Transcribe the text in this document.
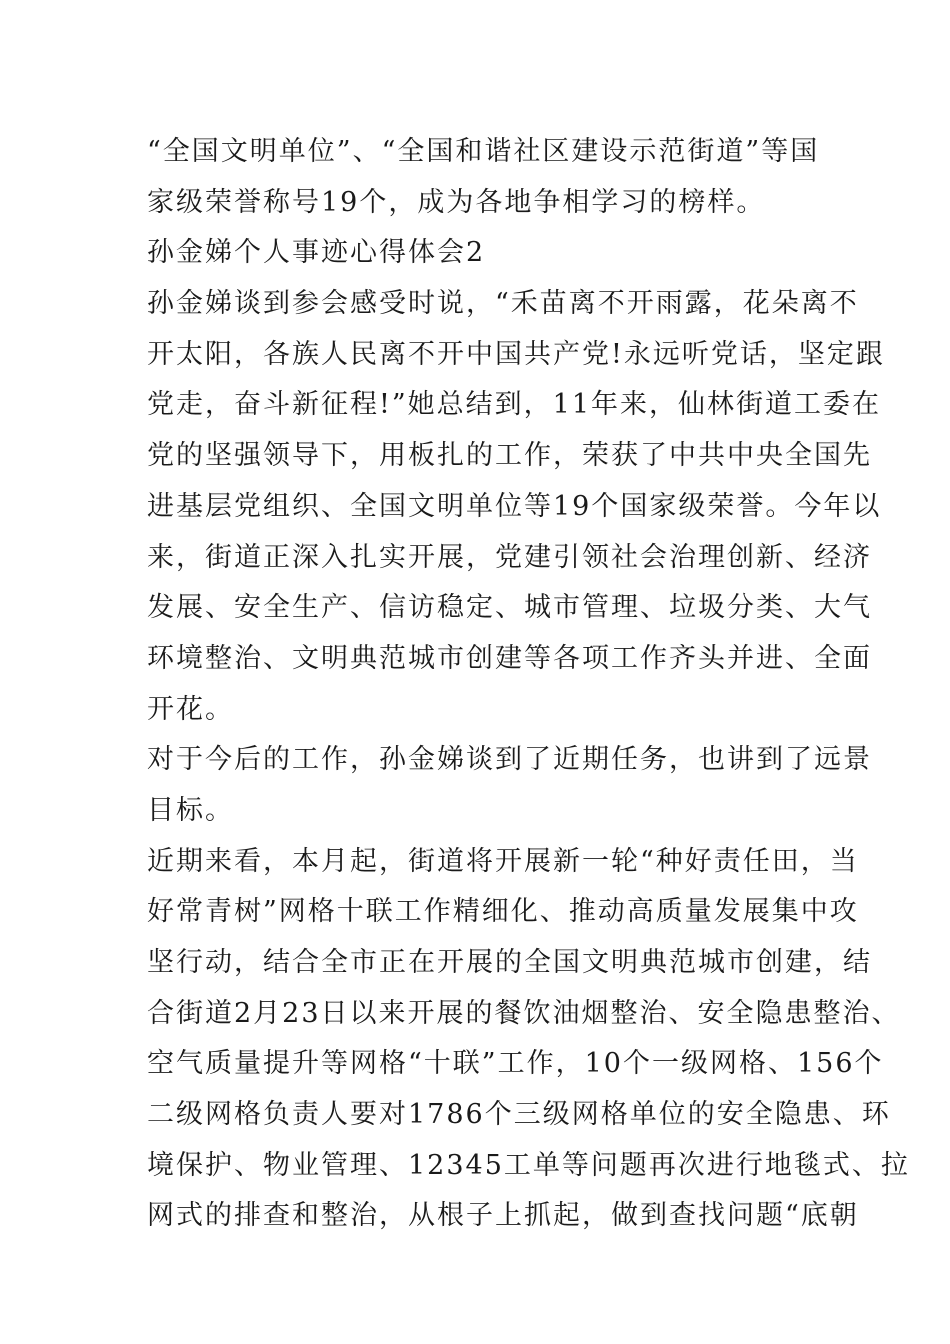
“全国文明单位”、“全国和谐社区建设示范街道”等国
家级荣誉称号19个，成为各地争相学习的榜样。
孙金娣个人事迹心得体会2
孙金娣谈到参会感受时说，“禾苗离不开雨露，花朵离不
开太阳，各族人民离不开中国共产党!永远听党话，坚定跟
党走，奋斗新征程!”她总结到，11年来，仙林街道工委在
党的坚强领导下，用板扎的工作，荣获了中共中央全国先
进基层党组织、全国文明单位等19个国家级荣誉。今年以
来，街道正深入扎实开展，党建引领社会治理创新、经济
发展、安全生产、信访稳定、城市管理、垃圾分类、大气
环境整治、文明典范城市创建等各项工作齐头并进、全面
开花。
对于今后的工作，孙金娣谈到了近期任务，也讲到了远景
目标。
近期来看，本月起，街道将开展新一轮“种好责任田，当
好常青树”网格十联工作精细化、推动高质量发展集中攻
坚行动，结合全市正在开展的全国文明典范城市创建，结
合街道2月23日以来开展的餐饮油烟整治、安全隐患整治、
空气质量提升等网格“十联”工作，10个一级网格、156个
二级网格负责人要对1786个三级网格单位的安全隐患、环
境保护、物业管理、12345工单等问题再次进行地毯式、拉
网式的排查和整治，从根子上抓起，做到查找问题“底朝
